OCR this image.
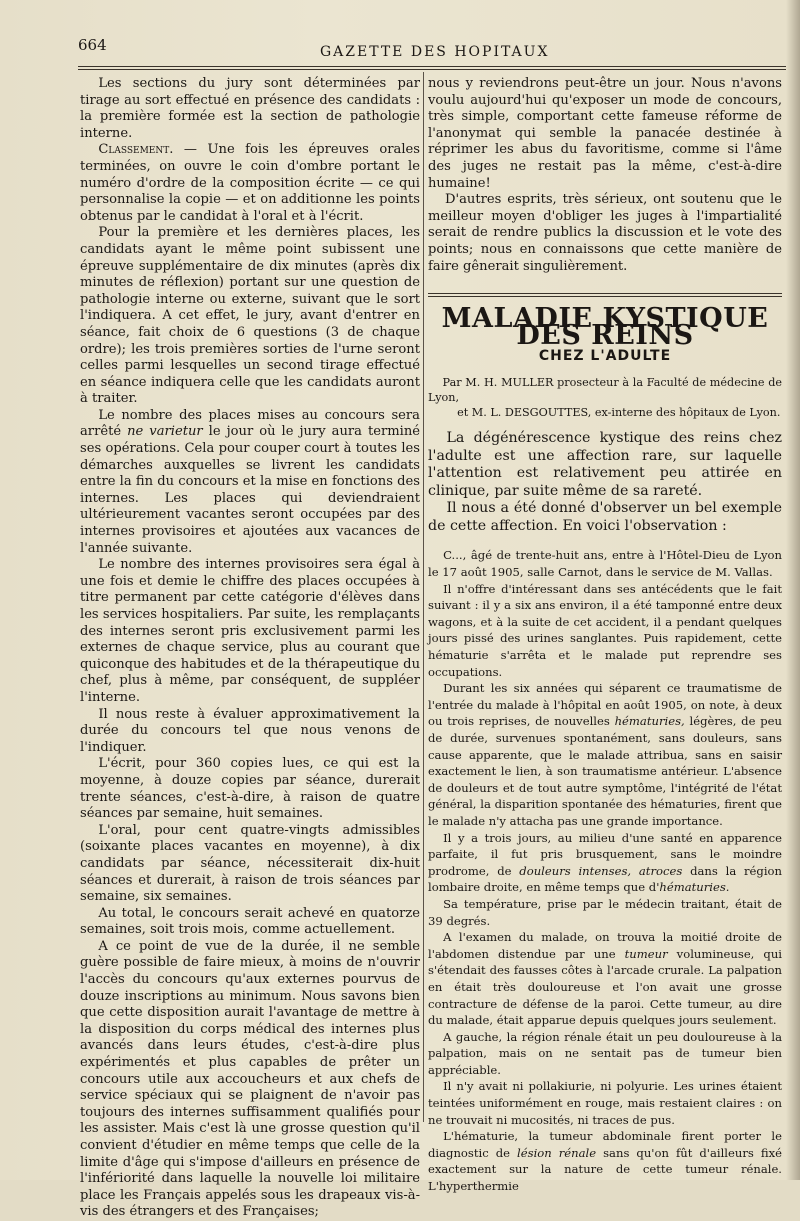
664	GAZETTE DES HOPITAUX

Les sections du jury sont déterminées par tirage au sort effectué en présence des candidats : la première formée est la section de pathologie interne.

Classement. — Une fois les épreuves orales terminées, on ouvre le coin d'ombre portant le numéro d'ordre de la composition écrite — ce qui personnalise la copie — et on additionne les points obtenus par le candidat à l'oral et à l'écrit.

Pour la première et les dernières places, les candidats ayant le même point subissent une épreuve supplémentaire de dix minutes (après dix minutes de réflexion) portant sur une question de pathologie interne ou externe, suivant que le sort l'indiquera. A cet effet, le jury, avant d'entrer en séance, fait choix de 6 questions (3 de chaque ordre); les trois premières sorties de l'urne seront celles parmi lesquelles un second tirage effectué en séance indiquera celle que les candidats auront à traiter.

Le nombre des places mises au concours sera arrêté ne varietur le jour où le jury aura terminé ses opérations. Cela pour couper court à toutes les démarches auxquelles se livrent les candidats entre la fin du concours et la mise en fonctions des internes. Les places qui deviendraient ultérieurement vacantes seront occupées par des internes provisoires et ajoutées aux vacances de l'année suivante.

Le nombre des internes provisoires sera égal à une fois et demie le chiffre des places occupées à titre permanent par cette catégorie d'élèves dans les services hospitaliers. Par suite, les remplaçants des internes seront pris exclusivement parmi les externes de chaque service, plus au courant que quiconque des habitudes et de la thérapeutique du chef, plus à même, par conséquent, de suppléer l'interne.

Il nous reste à évaluer approximativement la durée du concours tel que nous venons de l'indiquer.

L'écrit, pour 360 copies lues, ce qui est la moyenne, à douze copies par séance, durerait trente séances, c'est-à-dire, à raison de quatre séances par semaine, huit semaines.

L'oral, pour cent quatre-vingts admissibles (soixante places vacantes en moyenne), à dix candidats par séance, nécessiterait dix-huit séances et durerait, à raison de trois séances par semaine, six semaines.

Au total, le concours serait achevé en quatorze semaines, soit trois mois, comme actuellement.

A ce point de vue de la durée, il ne semble guère possible de faire mieux, à moins de n'ouvrir l'accès du concours qu'aux externes pourvus de douze inscriptions au minimum. Nous savons bien que cette disposition aurait l'avantage de mettre à la disposition du corps médical des internes plus avancés dans leurs études, c'est-à-dire plus expérimentés et plus capables de prêter un concours utile aux accoucheurs et aux chefs de service spéciaux qui se plaignent de n'avoir pas toujours des internes suffisamment qualifiés pour les assister. Mais c'est là une grosse question qu'il convient d'étudier en même temps que celle de la limite d'âge qui s'impose d'ailleurs en présence de l'infériorité dans laquelle la nouvelle loi militaire place les Français appelés sous les drapeaux vis-à-vis des étrangers et des Françaises;

nous y reviendrons peut-être un jour. Nous n'avons voulu aujourd'hui qu'exposer un mode de concours, très simple, comportant cette fameuse réforme de l'anonymat qui semble la panacée destinée à réprimer les abus du favoritisme, comme si l'âme des juges ne restait pas la même, c'est-à-dire humaine!

D'autres esprits, très sérieux, ont soutenu que le meilleur moyen d'obliger les juges à l'impartialité serait de rendre publics la discussion et le vote des points; nous en connaissons que cette manière de faire gênerait singulièrement.

MALADIE KYSTIQUE DES REINS
CHEZ L'ADULTE
Par M. H. MULLER prosecteur à la Faculté de médecine de Lyon,
et M. L. DESGOUTTES, ex-interne des hôpitaux de Lyon.

La dégénérescence kystique des reins chez l'adulte est une affection rare, sur laquelle l'attention est relativement peu attirée en clinique, par suite même de sa rareté.

Il nous a été donné d'observer un bel exemple de cette affection. En voici l'observation :

C..., âgé de trente-huit ans, entre à l'Hôtel-Dieu de Lyon le 17 août 1905, salle Carnot, dans le service de M. Vallas.

Il n'offre d'intéressant dans ses antécédents que le fait suivant : il y a six ans environ, il a été tamponné entre deux wagons, et à la suite de cet accident, il a pendant quelques jours pissé des urines sanglantes. Puis rapidement, cette hématurie s'arrêta et le malade put reprendre ses occupations.

Durant les six années qui séparent ce traumatisme de l'entrée du malade à l'hôpital en août 1905, on note, à deux ou trois reprises, de nouvelles hématuries, légères, de peu de durée, survenues spontanément, sans douleurs, sans cause apparente, que le malade attribua, sans en saisir exactement le lien, à son traumatisme antérieur. L'absence de douleurs et de tout autre symptôme, l'intégrité de l'état général, la disparition spontanée des hématuries, firent que le malade n'y attacha pas une grande importance.

Il y a trois jours, au milieu d'une santé en apparence parfaite, il fut pris brusquement, sans le moindre prodrome, de douleurs intenses, atroces dans la région lombaire droite, en même temps que d'hématuries.

Sa température, prise par le médecin traitant, était de 39 degrés.

A l'examen du malade, on trouva la moitié droite de l'abdomen distendue par une tumeur volumineuse, qui s'étendait des fausses côtes à l'arcade crurale. La palpation en était très douloureuse et l'on avait une grosse contracture de défense de la paroi. Cette tumeur, au dire du malade, était apparue depuis quelques jours seulement.

A gauche, la région rénale était un peu douloureuse à la palpation, mais on ne sentait pas de tumeur bien appréciable.

Il n'y avait ni pollakiurie, ni polyurie. Les urines étaient teintées uniformément en rouge, mais restaient claires : on ne trouvait ni mucosités, ni traces de pus.

L'hématurie, la tumeur abdominale firent porter le diagnostic de lésion rénale sans qu'on fût d'ailleurs fixé exactement sur la nature de cette tumeur rénale. L'hyperthermie
